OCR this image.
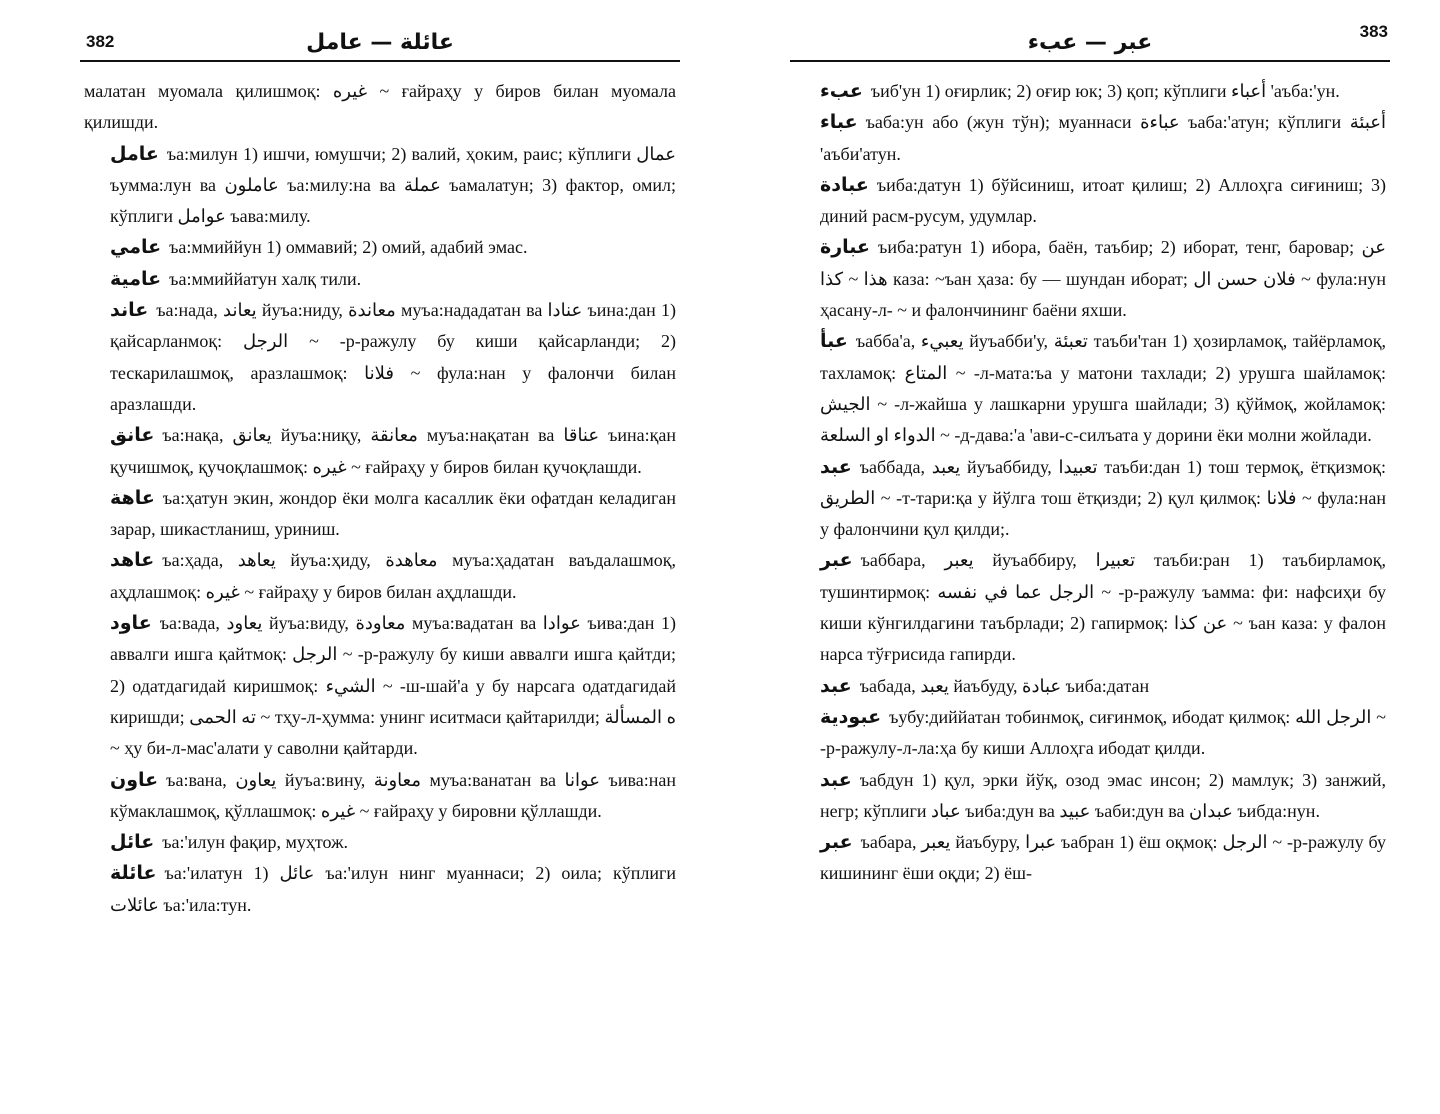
382	عائلة — عامل

малатан муомала қилишмоқ: غيره ~ ғайраҳу у биров билан муомала қилишди.

عامل ъа:милун 1) ишчи, юмушчи; 2) валий, ҳоким, раис; кўплиги عمال ъумма:лун ва عاملون ъа:милу:на ва عملة ъамалатун; 3) фактор, омил; кўплиги عوامل ъава:милу.

عامي ъа:ммиййун 1) оммавий; 2) омий, адабий эмас.

عامية ъа:ммиййатун халқ тили.

عاند ъа:нада, يعاند йуъа:ниду, معاندة муъа:нададатан ва عنادا ъина:дан 1) қайсарланмоқ: الرجل ~ -р-ражулу бу киши қайсарланди; 2) тескарилашмоқ, аразлашмоқ: فلانا ~ фула:нан у фалончи билан аразлашди.

عانق ъа:нақа, يعانق йуъа:ниқу, معانقة муъа:нақатан ва عناقا ъина:қан қучишмоқ, қучоқлашмоқ: غيره ~ ғайраҳу у биров билан қучоқлашди.

عاهة ъа:ҳатун экин, жондор ёки молга касаллик ёки офатдан келадиган зарар, шикастланиш, уриниш.

عاهد ъа:ҳада, يعاهد йуъа:ҳиду, معاهدة муъа:ҳадатан ваъдалашмоқ, аҳдлашмоқ: غيره ~ ғайраҳу у биров билан аҳдлашди.

عاود ъа:вада, يعاود йуъа:виду, معاودة муъа:вадатан ва عوادا ъива:дан 1) аввалги ишга қайтмоқ: الرجل ~ -р-ражулу бу киши аввалги ишга қайтди; 2) одатдагидай киришмоқ: الشيء ~ -ш-шай'а у бу нарсага одатдагидай киришди; ته الحمى ~ тҳу-л-ҳумма: унинг иситмаси қайтарилди; ه المسألة ~ ҳу би-л-мас'алати у саволни қайтарди.

عاون ъа:вана, يعاون йуъа:вину, معاونة муъа:ванатан ва عوانا ъива:нан кўмаклашмоқ, қўллашмоқ: غيره ~ ғайраҳу у бировни қўллашди.

عائل ъа:'илун фақир, муҳтож.

عائلة ъа:'илатун 1) عائل ъа:'илун нинг муаннаси; 2) оила; кўплиги عائلات ъа:'ила:тун.

383
عبر — عبء

عبء ъиб'ун 1) оғирлик; 2) оғир юк; 3) қоп; кўплиги أعباء 'аъба:'ун.

عباء ъаба:ун або (жун тўн); муаннаси عباءة ъаба:'атун; кўплиги أعبئة 'аъби'атун.

عبادة ъиба:датун 1) бўйсиниш, итоат қилиш; 2) Аллоҳга сиғиниш; 3) диний расм-русум, удумлар.

عبارة ъиба:ратун 1) ибора, баён, таъбир; 2) иборат, тенг, баровар; عن هذا ~ كذا каза: ~ъан ҳаза: бу — шундан иборат; فلان حسن ال ~ фула:нун ҳасану-л- ~ и фалончининг баёни яхши.

عبأ ъабба'а, يعبيء йуъабби'у, تعبئة таъби'тан 1) ҳозирламоқ, тайёрламоқ, тахламоқ: المتاع ~ -л-мата:ъа у матони тахлади; 2) урушга шайламоқ: الجيش ~ -л-жайша у лашкарни урушга шайлади; 3) қўймоқ, жойламоқ: الدواء او السلعة ~ -д-дава:'а 'ави-с-силъата у дорини ёки молни жойлади.

عبد ъаббада, يعبد йуъаббиду, تعبيدا таъби:дан 1) тош термоқ, ётқизмоқ: الطريق ~ -т-тари:қа у йўлга тош ётқизди; 2) қул қилмоқ: فلانا ~ фула:нан у фалончини қул қилди;.

عبر ъаббара, يعبر йуъаббиру, تعبيرا таъби:ран 1) таъбирламоқ, тушинтирмоқ: الرجل عما في نفسه ~ -р-ражулу ъамма: фи: нафсиҳи бу киши кўнгилдагини таъбрлади; 2) гапирмоқ: عن كذا ~ ъан каза: у фалон нарса тўғрисида гапирди.

عبد ъабада, يعبد йаъбуду, عبادة ъиба:датан

عبودية ъубу:диййатан тобинмоқ, сиғинмоқ, ибодат қилмоқ: الرجل الله ~ -р-ражулу-л-ла:ҳа бу киши Аллоҳга ибодат қилди.

عبد ъабдун 1) қул, эрки йўқ, озод эмас инсон; 2) мамлук; 3) занжий, негр; кўплиги عباد ъиба:дун ва عبيد ъаби:дун ва عبدان ъибда:нун.

عبر ъабара, يعبر йаъбуру, عبرا ъабран 1) ёш оқмоқ: الرجل ~ -р-ражулу бу кишининг ёши оқди; 2) ёш-
